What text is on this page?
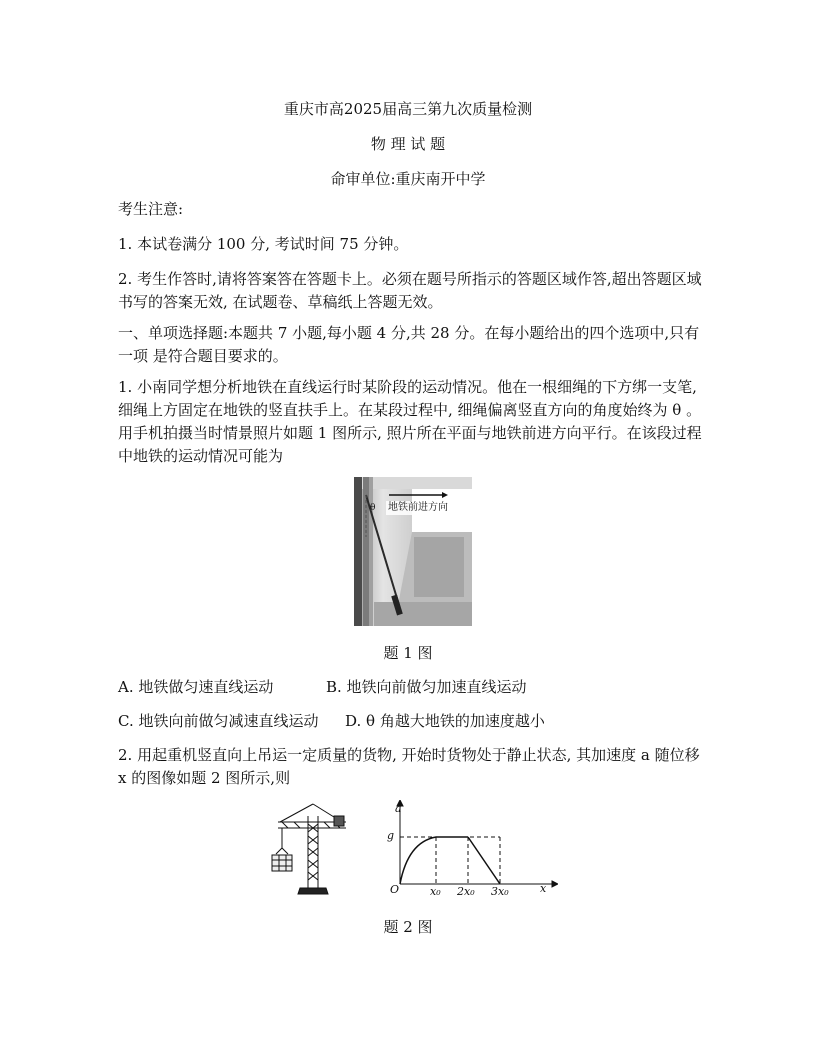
重庆市高2025届高三第九次质量检测
物 理 试 题
命审单位:重庆南开中学
考生注意:
1. 本试卷满分 100 分, 考试时间 75 分钟。
2. 考生作答时,请将答案答在答题卡上。必须在题号所指示的答题区域作答,超出答题区域书写的答案无效, 在试题卷、草稿纸上答题无效。
一、单项选择题:本题共 7 小题,每小题 4 分,共 28 分。在每小题给出的四个选项中,只有一项 是符合题目要求的。
1. 小南同学想分析地铁在直线运行时某阶段的运动情况。他在一根细绳的下方绑一支笔,细绳上方固定在地铁的竖直扶手上。在某段过程中, 细绳偏离竖直方向的角度始终为 θ 。用手机拍摄当时情景照片如题 1 图所示, 照片所在平面与地铁前进方向平行。在该段过程中地铁的运动情况可能为
θ 地铁前进方向
题 1 图
A. 地铁做匀速直线运动	B. 地铁向前做匀加速直线运动
C. 地铁向前做匀减速直线运动 D. θ 角越大地铁的加速度越小
2. 用起重机竖直向上吊运一定质量的货物, 开始时货物处于静止状态, 其加速度 a 随位移 x 的图像如题 2 图所示,则
a
x
g
O	x₀ 2x₀ 3x₀
题 2 图
